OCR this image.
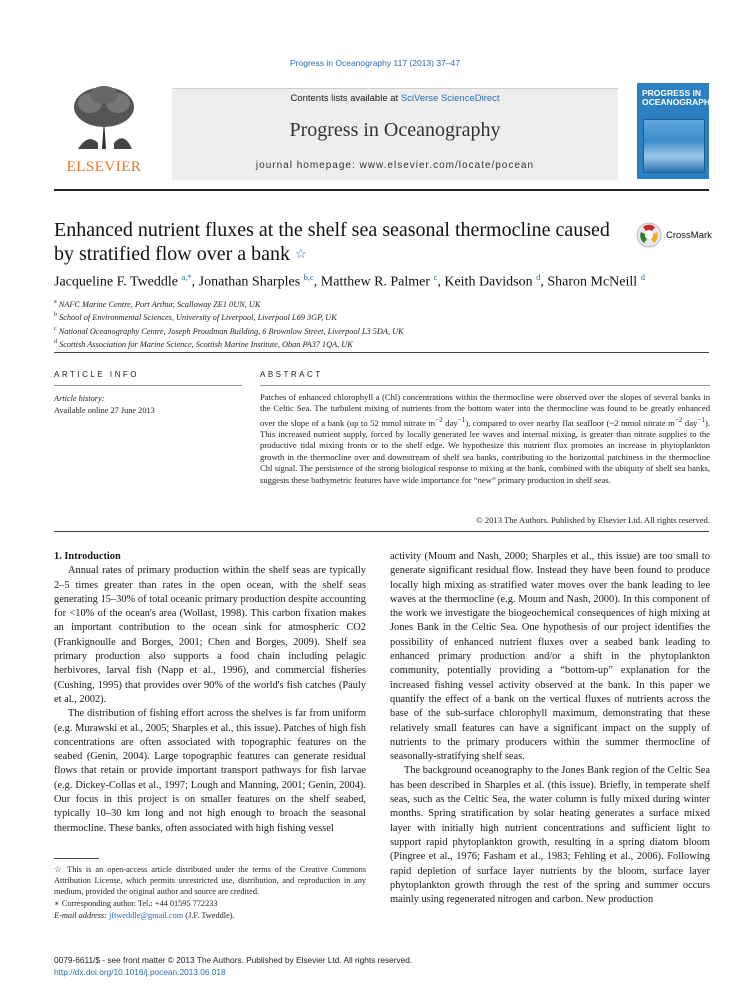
Progress in Oceanography 117 (2013) 37–47
ELSEVIER
Contents lists available at SciVerse ScienceDirect
Progress in Oceanography
journal homepage: www.elsevier.com/locate/pocean
PROGRESS IN OCEANOGRAPHY
Enhanced nutrient fluxes at the shelf sea seasonal thermocline caused by stratified flow over a bank ☆
CrossMark
Jacqueline F. Tweddle $^{a,*}$, Jonathan Sharples $^{b,c}$, Matthew R. Palmer $^c$, Keith Davidson $^d$, Sharon McNeill $^d$
$^a$ NAFC Marine Centre, Port Arthur, Scalloway ZE1 0UN, UK
$^b$ School of Environmental Sciences, University of Liverpool, Liverpool L69 3GP, UK
$^c$ National Oceanography Centre, Joseph Proudman Building, 6 Brownlow Street, Liverpool L3 5DA, UK
$^d$ Scottish Association for Marine Science, Scottish Marine Institute, Oban PA37 1QA, UK
ARTICLE INFO
Article history:
Available online 27 June 2013
ABSTRACT
Patches of enhanced chlorophyll a (Chl) concentrations within the thermocline were observed over the slopes of several banks in the Celtic Sea. The turbulent mixing of nutrients from the bottom water into the thermocline was found to be greatly enhanced over the slope of a bank (up to 52 mmol nitrate $m^{-2}$ day$^{-1}$), compared to over nearby flat seafloor (~2 mmol nitrate $m^{-2}$ day$^{-1}$). This increased nutrient supply, forced by locally generated lee waves and internal mixing, is greater than nitrate supplies to the productive tidal mixing fronts or to the shelf edge. We hypothesize this nutrient flux promotes an increase in phytoplankton growth in the thermocline over and downstream of shelf sea banks, contributing to the horizontal patchiness in the thermocline Chl signal. The persistence of the strong biological response to mixing at the bank, combined with the ubiquity of shelf sea banks, suggests these bathymetric features have wide importance for “new” primary production in shelf seas.
© 2013 The Authors. Published by Elsevier Ltd. All rights reserved.

1. Introduction

Annual rates of primary production within the shelf seas are typically 2–5 times greater than rates in the open ocean, with the shelf seas generating 15–30% of total oceanic primary production despite accounting for <10% of the ocean's area (Wollast, 1998). This carbon fixation makes an important contribution to the ocean sink for atmospheric CO2 (Frankignoulle and Borges, 2001; Chen and Borges, 2009). Shelf sea primary production also supports a food chain including pelagic herbivores, larval fish (Napp et al., 1996), and commercial fisheries (Cushing, 1995) that provides over 90% of the world's fish catches (Pauly et al., 2002).

The distribution of fishing effort across the shelves is far from uniform (e.g. Murawski et al., 2005; Sharples et al., this issue). Patches of high fish concentrations are often associated with topographic features on the seabed (Genin, 2004). Large topographic features can generate residual flows that retain or provide important transport pathways for fish larvae (e.g. Dickey-Collas et al., 1997; Lough and Manning, 2001; Genin, 2004). Our focus in this project is on smaller features on the shelf seabed, typically 10–30 km long and not high enough to broach the seasonal thermocline. These banks, often associated with high fishing vessel

activity (Moum and Nash, 2000; Sharples et al., this issue) are too small to generate significant residual flow. Instead they have been found to produce locally high mixing as stratified water moves over the bank leading to lee waves at the thermocline (e.g. Moum and Nash, 2000). In this component of the work we investigate the biogeochemical consequences of high mixing at Jones Bank in the Celtic Sea. One hypothesis of our project identifies the possibility of enhanced nutrient fluxes over a seabed bank leading to enhanced primary production and/or a shift in the phytoplankton community, potentially providing a “bottom-up” explanation for the increased fishing vessel activity observed at the bank. In this paper we quantify the effect of a bank on the vertical fluxes of nutrients across the base of the sub-surface chlorophyll maximum, demonstrating that these relatively small features can have a significant impact on the supply of nutrients to the primary producers within the summer thermocline of seasonally-stratifying shelf seas.

The background oceanography to the Jones Bank region of the Celtic Sea has been described in Sharples et al. (this issue). Briefly, in temperate shelf seas, such as the Celtic Sea, the water column is fully mixed during winter months. Spring stratification by solar heating generates a surface mixed layer with initially high nutrient concentrations and sufficient light to support rapid phytoplankton growth, resulting in a spring diatom bloom (Pingree et al., 1976; Fasham et al., 1983; Fehling et al., 2006). Following rapid depletion of surface layer nutrients by the bloom, surface layer phytoplankton growth through the rest of the spring and summer occurs mainly using regenerated nitrogen and carbon. New production

☆ This is an open-access article distributed under the terms of the Creative Commons Attribution License, which permits unrestricted use, distribution, and reproduction in any medium, provided the original author and source are credited.
∗ Corresponding author. Tel.: +44 01595 772233
E-mail address: jftweddle@gmail.com (J.F. Tweddle).
0079-6611/$ - see front matter © 2013 The Authors. Published by Elsevier Ltd. All rights reserved.
http://dx.doi.org/10.1016/j.pocean.2013.06.018
